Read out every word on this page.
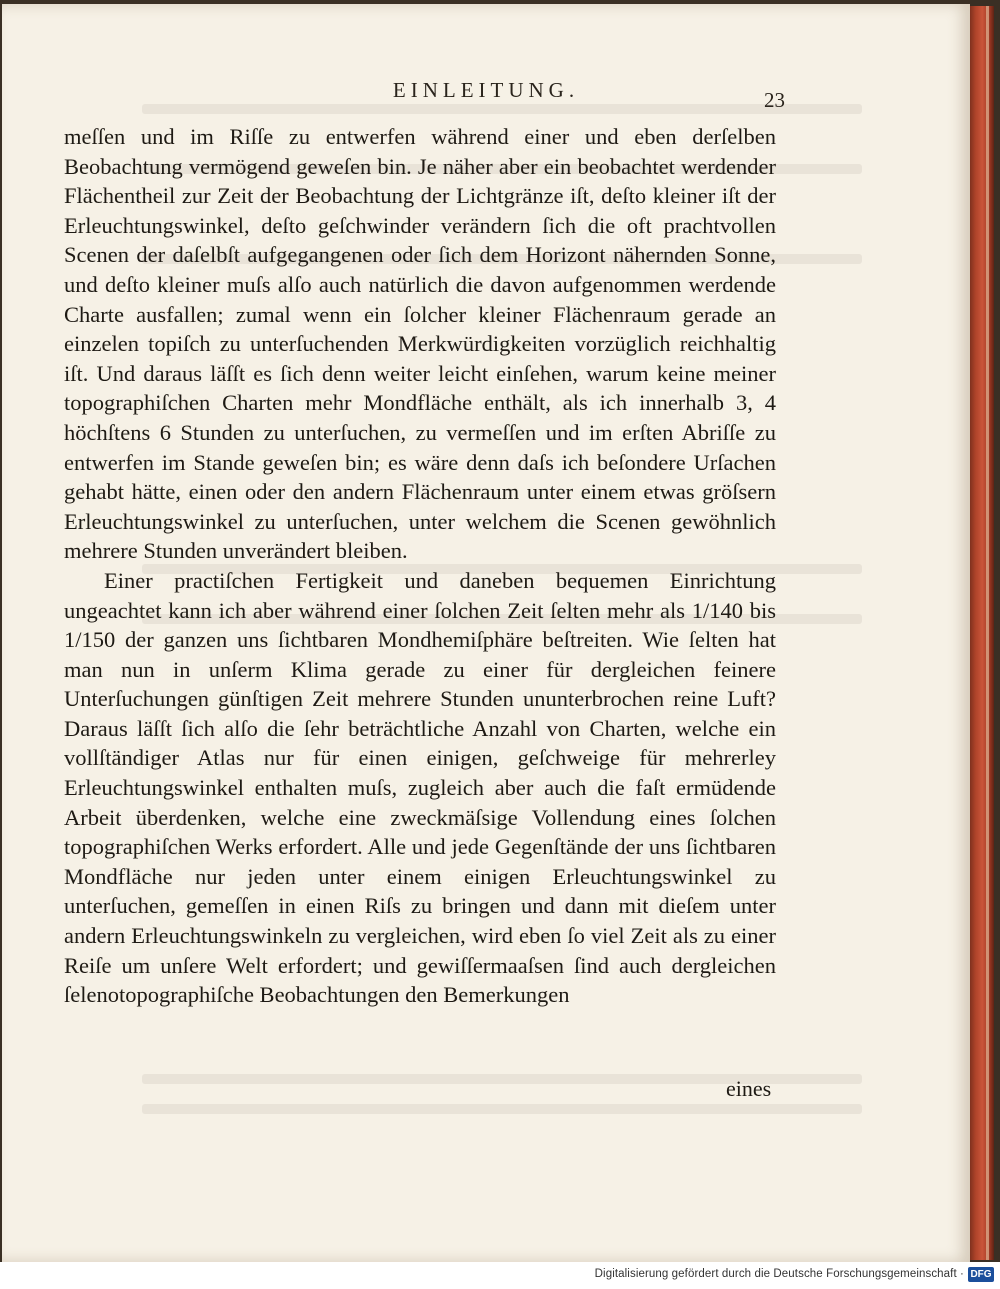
EINLEITUNG.	23

meſſen und im Riſſe zu entwerfen während einer und eben derſelben Beobachtung vermögend geweſen bin. Je näher aber ein beobachtet werdender Flächentheil zur Zeit der Beobachtung der Lichtgränze iſt, deſto kleiner iſt der Erleuchtungswinkel, deſto geſchwinder verändern ſich die oft prachtvollen Scenen der daſelbſt aufgegangenen oder ſich dem Horizont nähernden Sonne, und deſto kleiner muſs alſo auch natürlich die davon aufgenommen werdende Charte ausfallen; zumal wenn ein ſolcher kleiner Flächenraum gerade an einzelen topiſch zu unterſuchenden Merkwürdigkeiten vorzüglich reichhaltig iſt. Und daraus läſſt es ſich denn weiter leicht einſehen, warum keine meiner topographiſchen Charten mehr Mondfläche enthält, als ich innerhalb 3, 4 höchſtens 6 Stunden zu unterſuchen, zu vermeſſen und im erſten Abriſſe zu entwerfen im Stande geweſen bin; es wäre denn daſs ich beſondere Urſachen gehabt hätte, einen oder den andern Flächenraum unter einem etwas gröſsern Erleuchtungswinkel zu unterſuchen, unter welchem die Scenen gewöhnlich mehrere Stunden unverändert bleiben.

Einer practiſchen Fertigkeit und daneben bequemen Einrichtung ungeachtet kann ich aber während einer ſolchen Zeit ſelten mehr als 1/140 bis 1/150 der ganzen uns ſichtbaren Mondhemiſphäre beſtreiten. Wie ſelten hat man nun in unſerm Klima gerade zu einer für dergleichen feinere Unterſuchungen günſtigen Zeit mehrere Stunden ununterbrochen reine Luft? Daraus läſſt ſich alſo die ſehr beträchtliche Anzahl von Charten, welche ein vollſtändiger Atlas nur für einen einigen, geſchweige für mehrerley Erleuchtungswinkel enthalten muſs, zugleich aber auch die faſt ermüdende Arbeit überdenken, welche eine zweckmäſsige Vollendung eines ſolchen topographiſchen Werks erfordert. Alle und jede Gegenſtände der uns ſichtbaren Mondfläche nur jeden unter einem einigen Erleuchtungswinkel zu unterſuchen, gemeſſen in einen Riſs zu bringen und dann mit dieſem unter andern Erleuchtungswinkeln zu vergleichen, wird eben ſo viel Zeit als zu einer Reiſe um unſere Welt erfordert; und gewiſſermaaſsen ſind auch dergleichen ſelenotopographiſche Beobachtungen den Bemerkungen

eines
Digitalisierung gefördert durch die Deutsche Forschungsgemeinschaft · DFG
